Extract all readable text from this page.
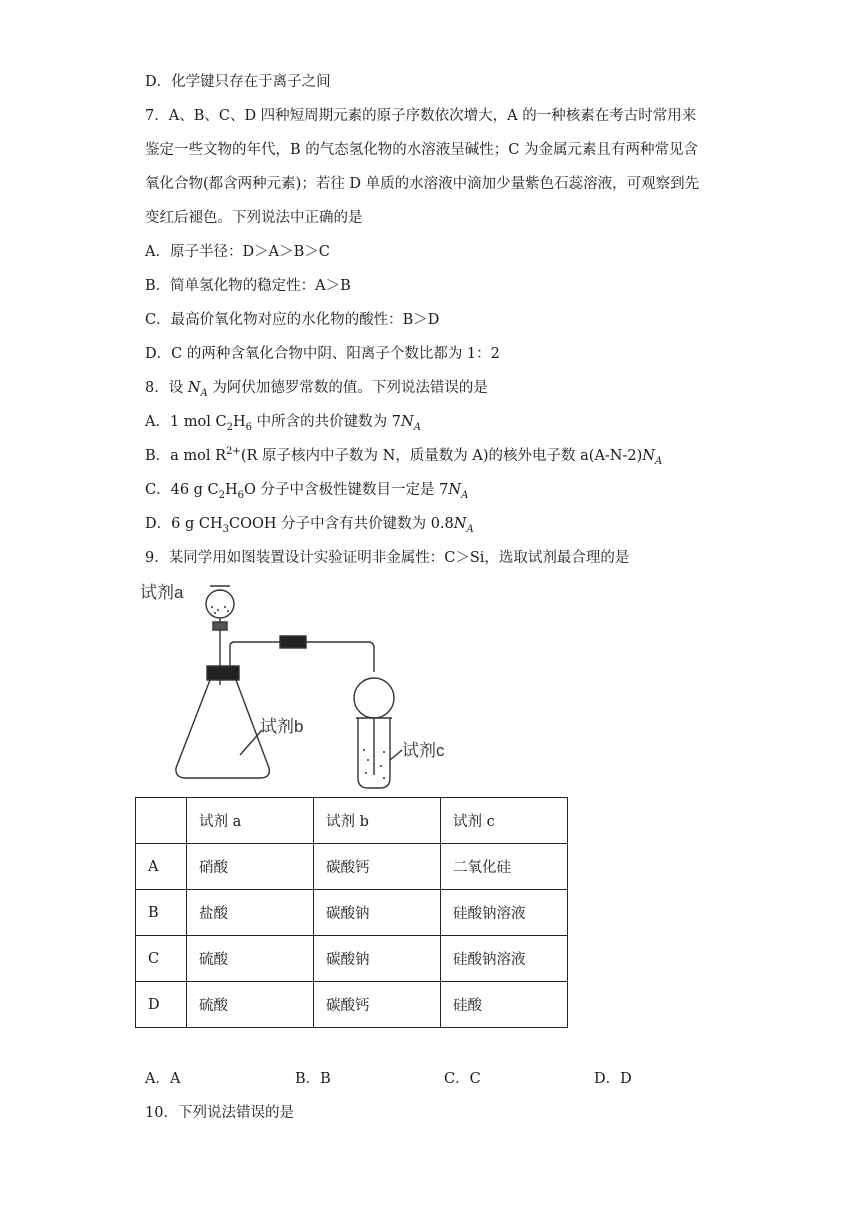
D．化学键只存在于离子之间
7．A、B、C、D 四种短周期元素的原子序数依次增大，A 的一种核素在考古时常用来
鉴定一些文物的年代，B 的气态氢化物的水溶液呈碱性；C 为金属元素且有两种常见含
氧化合物(都含两种元素)；若往 D 单质的水溶液中滴加少量紫色石蕊溶液，可观察到先
变红后褪色。下列说法中正确的是
A．原子半径：D＞A＞B＞C
B．简单氢化物的稳定性：A＞B
C．最高价氧化物对应的水化物的酸性：B＞D
D．C 的两种含氧化合物中阴、阳离子个数比都为 1：2
8．设 $N_A$ 为阿伏加德罗常数的值。下列说法错误的是
A．1 mol $C_2H_6$ 中所含的共价键数为 $7N_A$
B．a mol $R^{2+}(R$ 原子核内中子数为 N，质量数为 A)的核外电子数 $a(A-N-2)N_A$
C．46 g $C_2H_6O$ 分子中含极性键数目一定是 $7N_A$
D．6 g $CH_3COOH$ 分子中含有共价键数为 $0.8N_A$
9．某同学用如图装置设计实验证明非金属性：C＞Si，选取试剂最合理的是
试剂a
试剂b
试剂c
	试剂 a	试剂 b	试剂 c
A	硝酸	碳酸钙	二氧化硅
B	盐酸	碳酸钠	硅酸钠溶液
C	硫酸	碳酸钠	硅酸钠溶液
D	硫酸	碳酸钙	硅酸
A．A	B．B	C．C	D．D
10．下列说法错误的是
